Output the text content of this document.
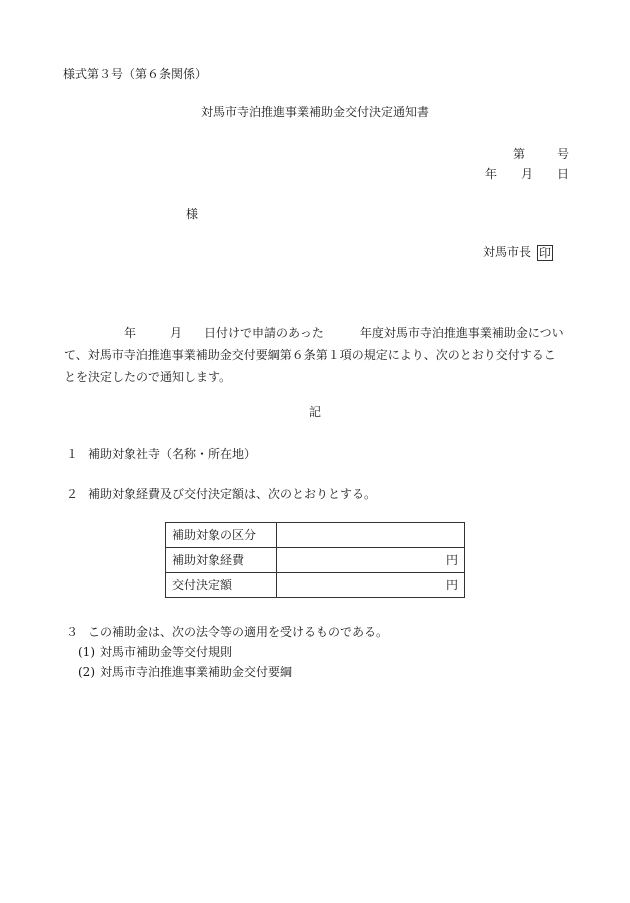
様式第３号（第６条関係）
対馬市寺泊推進事業補助金交付決定通知書
第	号
年 月 日
様
対馬市長 印

年	月 日付けで申請のあった	年度対馬市寺泊推進事業補助金につい

て、対馬市寺泊推進事業補助金交付要綱第６条第１項の規定により、次のとおり交付するこ

とを決定したので通知します。

記
１ 補助対象社寺（名称・所在地）
２ 補助対象経費及び交付決定額は、次のとおりとする。
補助対象の区分	
補助対象経費	円
交付決定額	円
３ この補助金は、次の法令等の適用を受けるものである。
(1) 対馬市補助金等交付規則
(2) 対馬市寺泊推進事業補助金交付要綱
